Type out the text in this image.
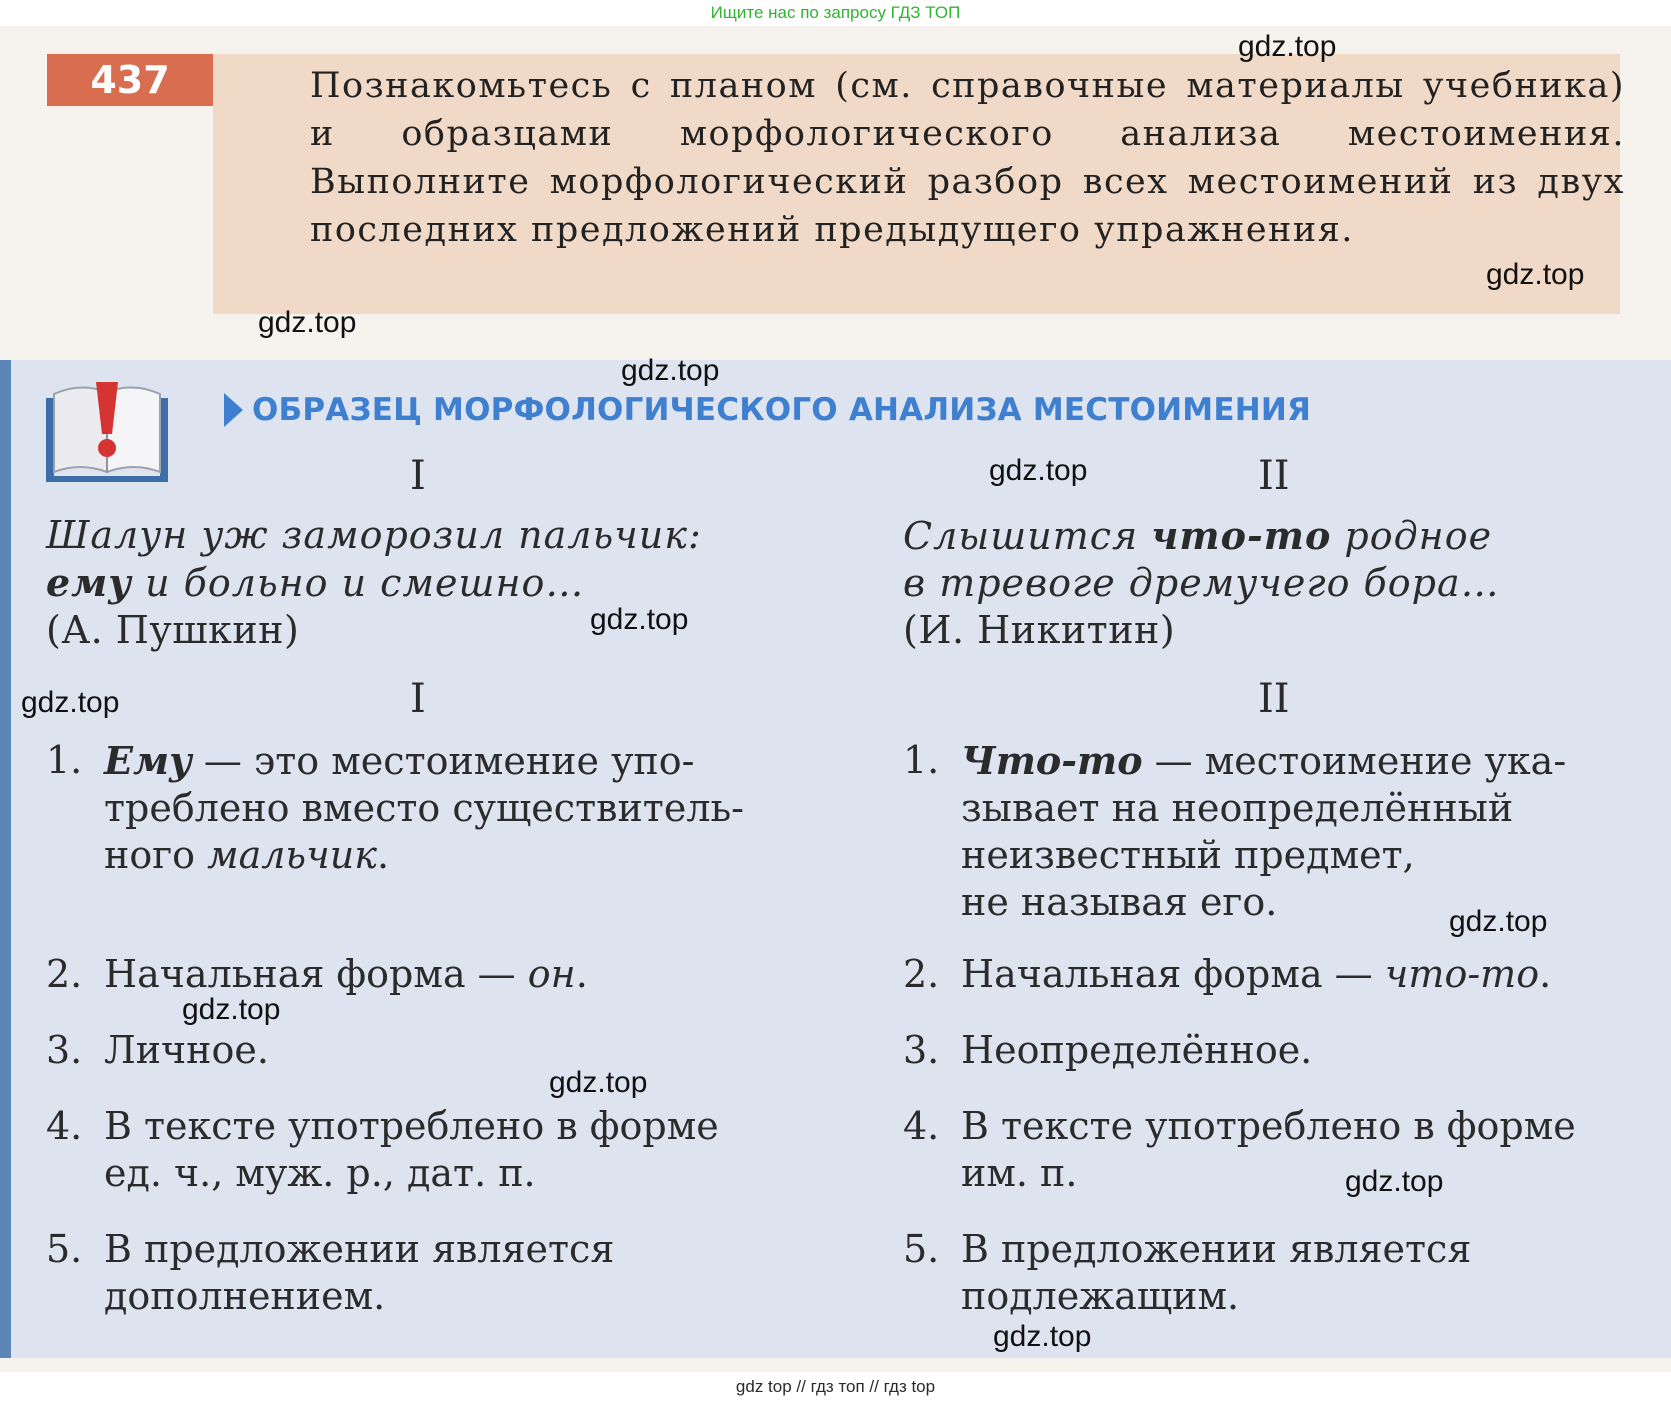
Ищите нас по запросу ГДЗ ТОП
437	Познакомьтесь с планом (см. справочные материалы учебника) и образцами морфологического анализа местоимения. Выполните морфологический разбор всех местоимений из двух последних предложений предыдущего упражнения.
ОБРАЗЕЦ МОРФОЛОГИЧЕСКОГО АНАЛИЗА МЕСТОИМЕНИЯ
I	II
Шалун уж заморозил пальчик:
ему и больно и смешно…
(А. Пушкин)
Слышится что-то родное
в тревоге дремучего бора…
(И. Никитин)
I	II
1. Ему — это местоимение упо-
треблено вместо существитель-
ного мальчик.
2. Начальная форма — он.
3. Личное.
4. В тексте употреблено в форме
ед. ч., муж. р., дат. п.
5. В предложении является
дополнением.
1. Что-то — местоимение ука-
зывает на неопределённый
неизвестный предмет,
не называя его.
2. Начальная форма — что-то.
3. Неопределённое.
4. В тексте употреблено в форме
им. п.
5. В предложении является
подлежащим.
gdz.top
gdz.top
gdz.top
gdz.top
gdz.top
gdz.top
gdz.top
gdz.top
gdz.top
gdz.top
gdz.top
gdz.top
gdz top // гдз топ // гдз top
